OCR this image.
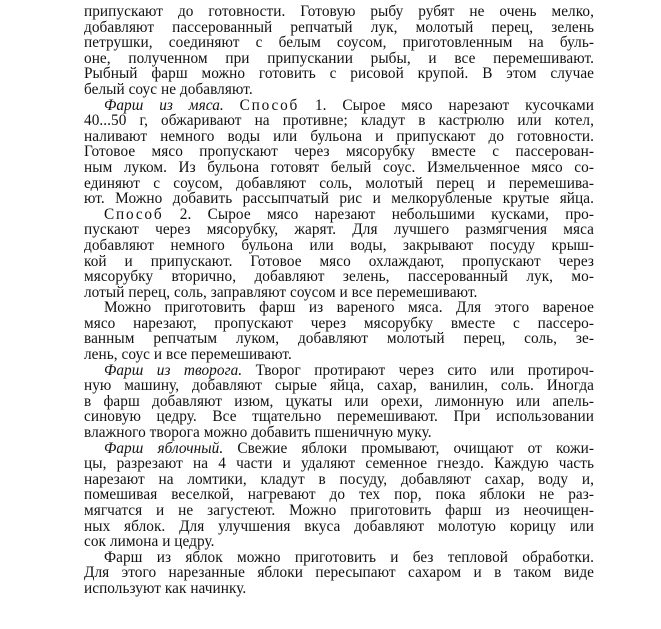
припускают до готовности. Готовую рыбу рубят не очень мелко,
добавляют пассерованный репчатый лук, молотый перец, зелень
петрушки, соединяют с белым соусом, приготовленным на буль-
оне, полученном при припускании рыбы, и все перемешивают.
Рыбный фарш можно готовить с рисовой крупой. В этом случае
белый соус не добавляют.
Фарш из мяса. Способ 1. Сырое мясо нарезают кусочками
40...50 г, обжаривают на противне; кладут в кастрюлю или котел,
наливают немного воды или бульона и припускают до готовности.
Готовое мясо пропускают через мясорубку вместе с пассерован-
ным луком. Из бульона готовят белый соус. Измельченное мясо со-
единяют с соусом, добавляют соль, молотый перец и перемешива-
ют. Можно добавить рассыпчатый рис и мелкорубленые крутые яйца.
Способ 2. Сырое мясо нарезают небольшими кусками, про-
пускают через мясорубку, жарят. Для лучшего размягчения мяса
добавляют немного бульона или воды, закрывают посуду крыш-
кой и припускают. Готовое мясо охлаждают, пропускают через
мясорубку вторично, добавляют зелень, пассерованный лук, мо-
лотый перец, соль, заправляют соусом и все перемешивают.
Можно приготовить фарш из вареного мяса. Для этого вареное
мясо нарезают, пропускают через мясорубку вместе с пассеро-
ванным репчатым луком, добавляют молотый перец, соль, зе-
лень, соус и все перемешивают.
Фарш из творога. Творог протирают через сито или протироч-
ную машину, добавляют сырые яйца, сахар, ванилин, соль. Иногда
в фарш добавляют изюм, цукаты или орехи, лимонную или апель-
синовую цедру. Все тщательно перемешивают. При использовании
влажного творога можно добавить пшеничную муку.
Фарш яблочный. Свежие яблоки промывают, очищают от кожи-
цы, разрезают на 4 части и удаляют семенное гнездо. Каждую часть
нарезают на ломтики, кладут в посуду, добавляют сахар, воду и,
помешивая веселкой, нагревают до тех пор, пока яблоки не раз-
мягчатся и не загустеют. Можно приготовить фарш из неочищен-
ных яблок. Для улучшения вкуса добавляют молотую корицу или
сок лимона и цедру.
Фарш из яблок можно приготовить и без тепловой обработки.
Для этого нарезанные яблоки пересыпают сахаром и в таком виде
используют как начинку.
